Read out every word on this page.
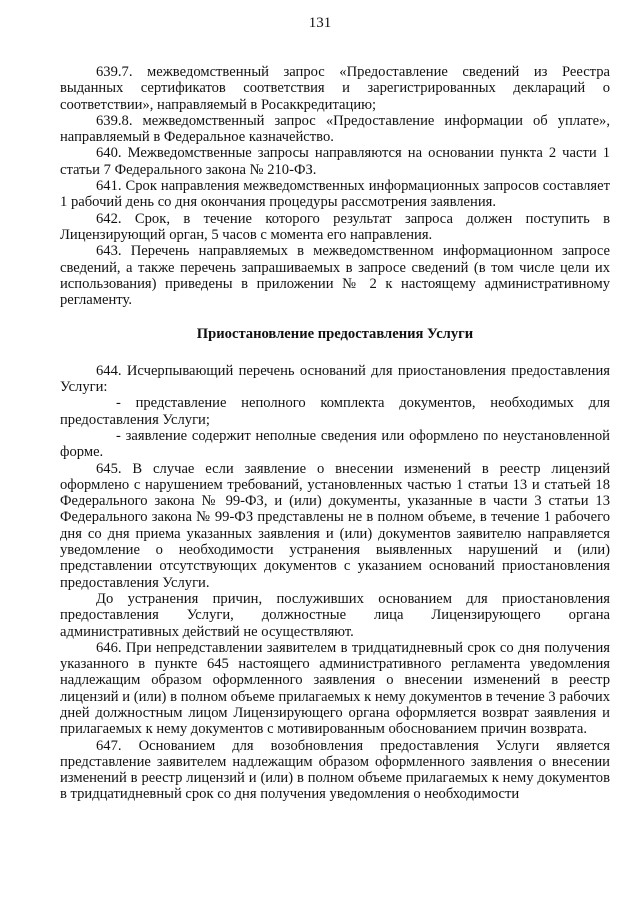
131

639.7. межведомственный запрос «Предоставление сведений из Реестра выданных сертификатов соответствия и зарегистрированных деклараций о соответствии», направляемый в Росаккредитацию;

639.8. межведомственный запрос «Предоставление информации об уплате», направляемый в Федеральное казначейство.

640. Межведомственные запросы направляются на основании пункта 2 части 1 статьи 7 Федерального закона № 210-ФЗ.

641. Срок направления межведомственных информационных запросов составляет 1 рабочий день со дня окончания процедуры рассмотрения заявления.

642. Срок, в течение которого результат запроса должен поступить в Лицензирующий орган, 5 часов с момента его направления.

643. Перечень направляемых в межведомственном информационном запросе сведений, а также перечень запрашиваемых в запросе сведений (в том числе цели их использования) приведены в приложении № 2 к настоящему административному регламенту.

Приостановление предоставления Услуги

644. Исчерпывающий перечень оснований для приостановления предоставления Услуги:

- представление неполного комплекта документов, необходимых для предоставления Услуги;

- заявление содержит неполные сведения или оформлено по неустановленной форме.

645. В случае если заявление о внесении изменений в реестр лицензий оформлено с нарушением требований, установленных частью 1 статьи 13 и статьей 18 Федерального закона № 99-ФЗ, и (или) документы, указанные в части 3 статьи 13 Федерального закона № 99-ФЗ представлены не в полном объеме, в течение 1 рабочего дня со дня приема указанных заявления и (или) документов заявителю направляется уведомление о необходимости устранения выявленных нарушений и (или) представлении отсутствующих документов с указанием оснований приостановления предоставления Услуги.

До устранения причин, послуживших основанием для приостановления предоставления Услуги, должностные лица Лицензирующего органа административных действий не осуществляют.

646. При непредставлении заявителем в тридцатидневный срок со дня получения указанного в пункте 645 настоящего административного регламента уведомления надлежащим образом оформленного заявления о внесении изменений в реестр лицензий и (или) в полном объеме прилагаемых к нему документов в течение 3 рабочих дней должностным лицом Лицензирующего органа оформляется возврат заявления и прилагаемых к нему документов с мотивированным обоснованием причин возврата.

647. Основанием для возобновления предоставления Услуги является представление заявителем надлежащим образом оформленного заявления о внесении изменений в реестр лицензий и (или) в полном объеме прилагаемых к нему документов в тридцатидневный срок со дня получения уведомления о необходимости
